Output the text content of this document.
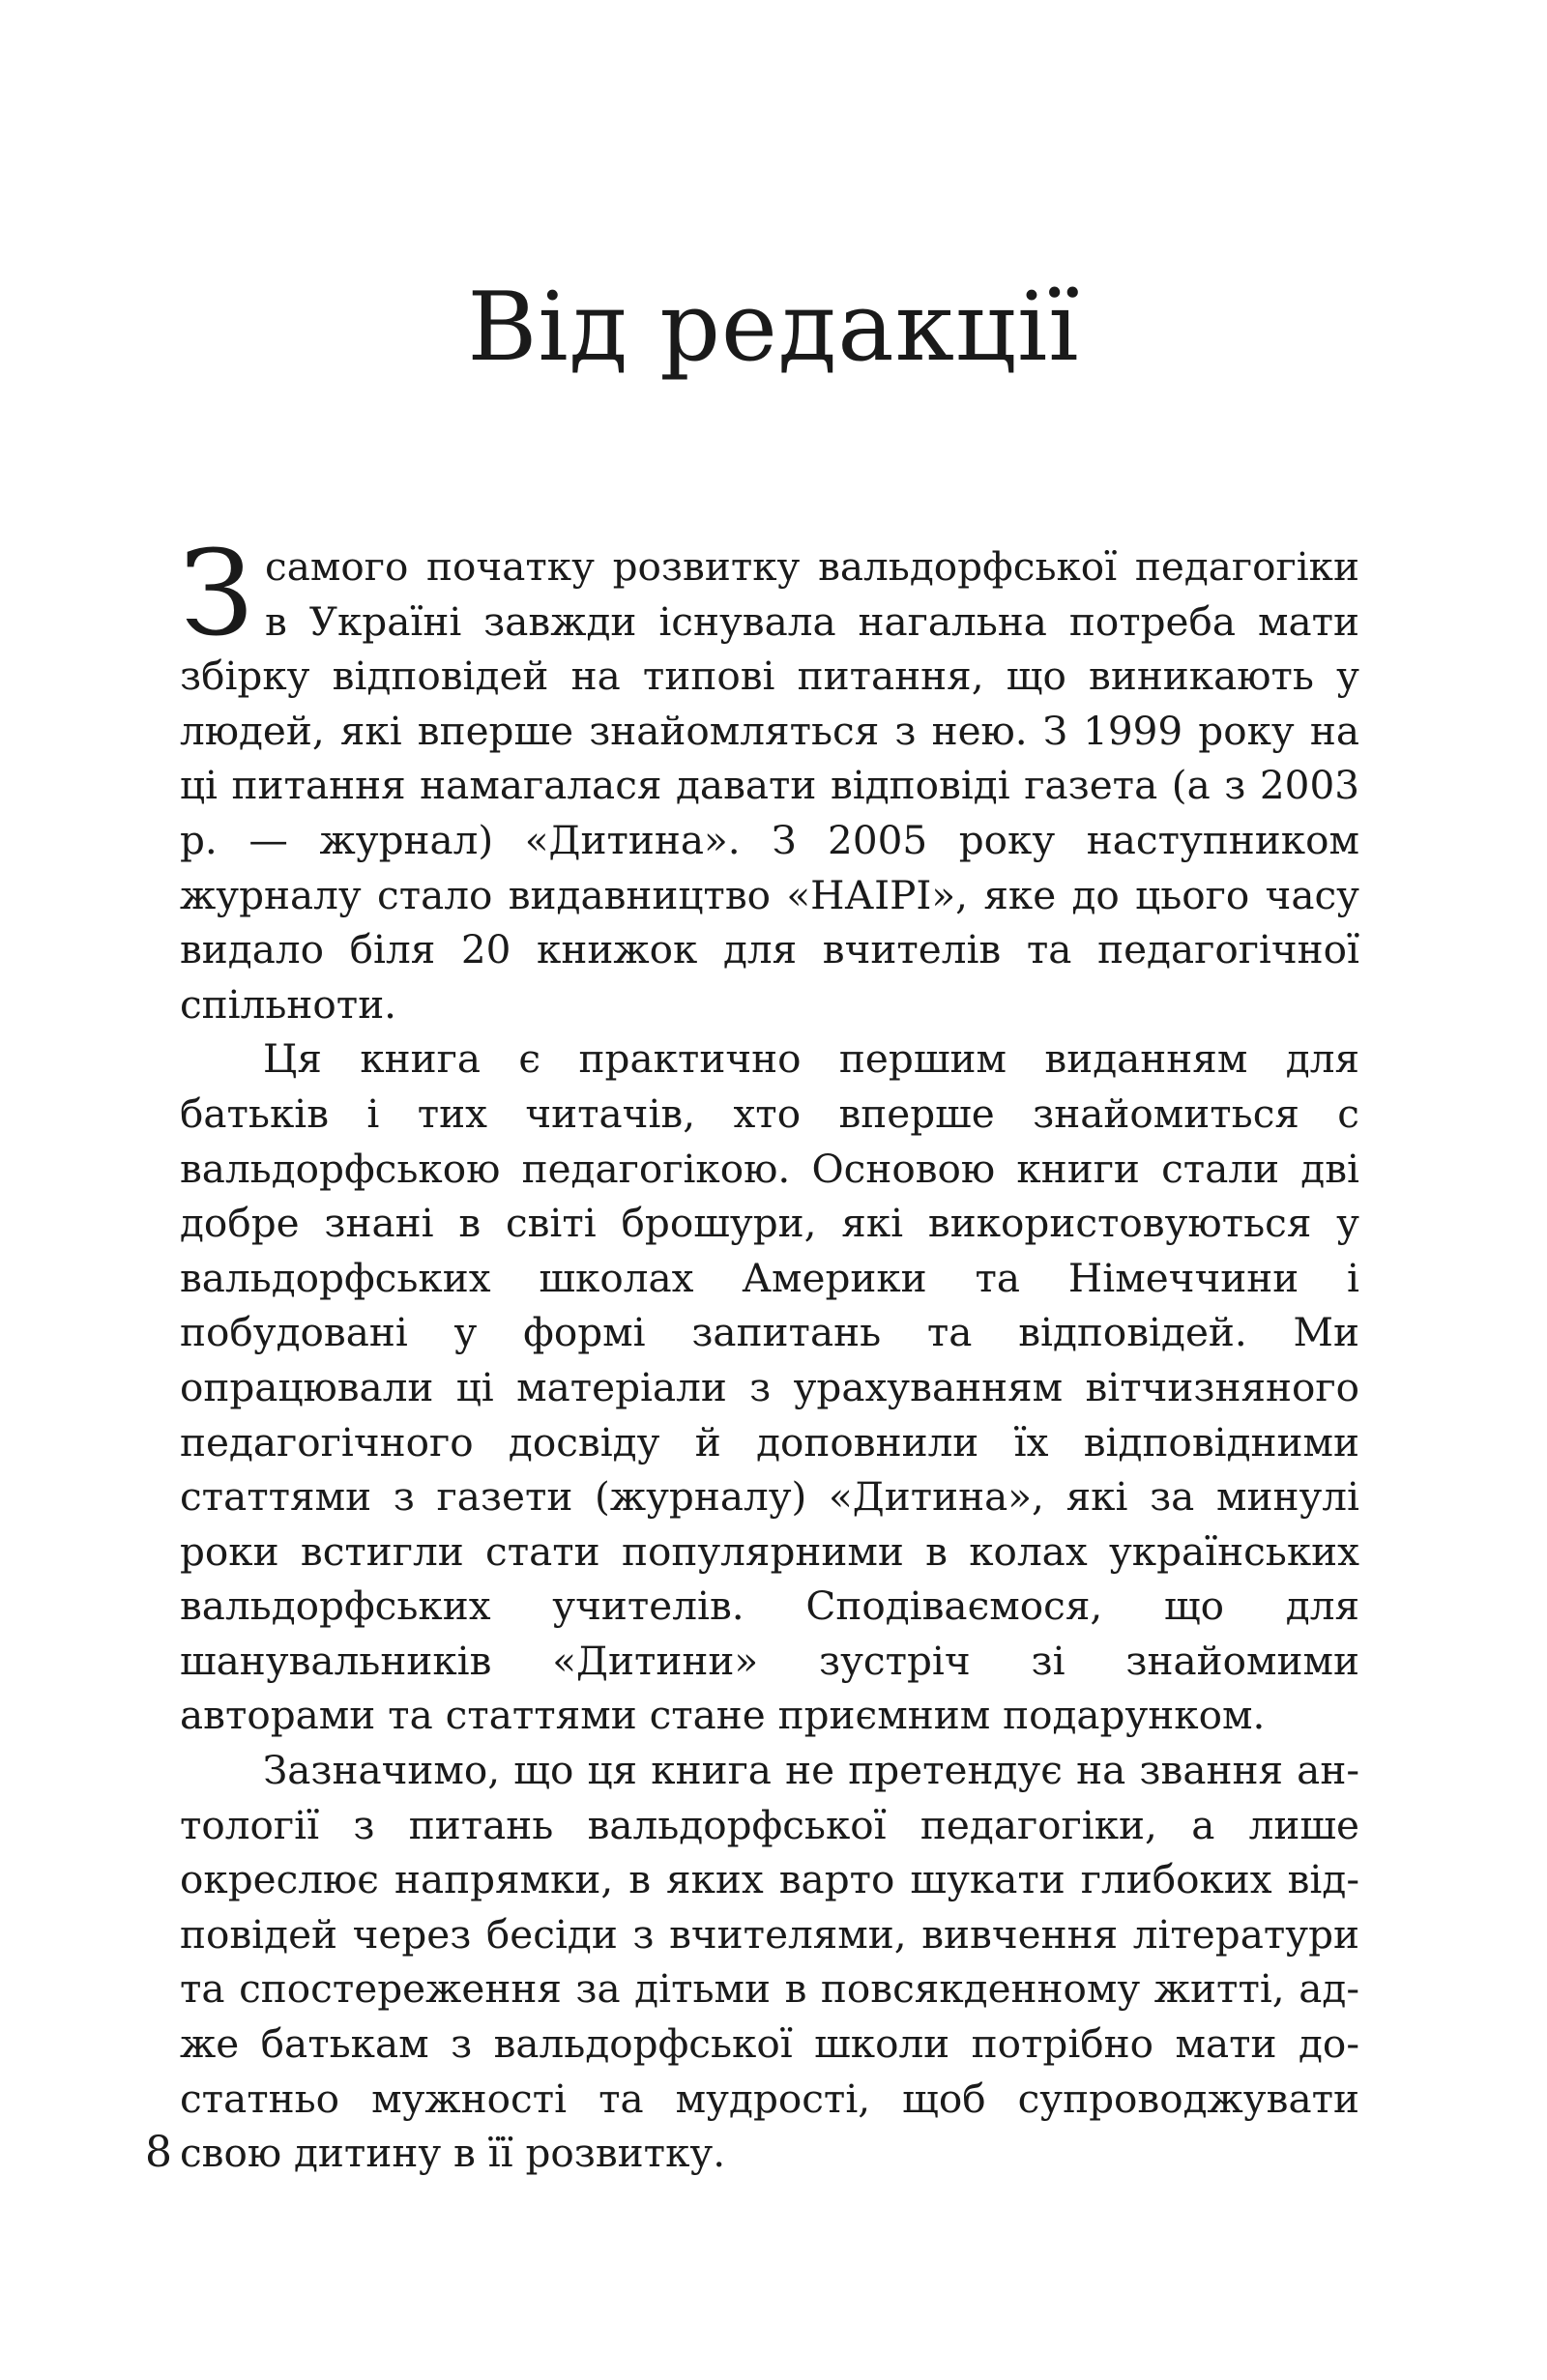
Від редакції

З самого початку розвитку вальдорфської педагогіки в Україні завжди існувала нагальна потреба мати збірку відповідей на типові питання, що виникають у людей, які вперше знайомляться з нею. З 1999 року на ці питання намагалася давати відповіді газета (а з 2003 р. — журнал) «Дитина». З 2005 року наступником журналу стало видавництво «НАІРІ», яке до цього часу видало біля 20 книжок для вчителів та педагогічної спільноти.

Ця книга є практично першим виданням для батьків і тих читачів, хто вперше знайомиться с вальдорфською педагогікою. Основою книги стали дві добре знані в світі брошури, які використовуються у вальдорфських школах Америки та Німеччини і побудовані у формі запитань та відповідей. Ми опрацювали ці матеріали з урахуванням вітчизняного педагогічного досвіду й доповнили їх відповідними статтями з газети (журналу) «Дитина», які за минулі роки встигли стати популярними в колах українських вальдорфських учителів. Сподіваємося, що для шанувальників «Дитини» зустріч зі знайомими авторами та статтями стане приємним подарунком.

Зазначимо, що ця книга не претендує на звання антології з питань вальдорфської педагогіки, а лише окреслює напрямки, в яких варто шукати глибоких відповідей через бесіди з вчителями, вивчення літератури та спостереження за дітьми в повсякденному житті, адже батькам з вальдорфської школи потрібно мати достатньо мужності та мудрості, щоб супроводжувати свою дитину в її розвитку.

8
